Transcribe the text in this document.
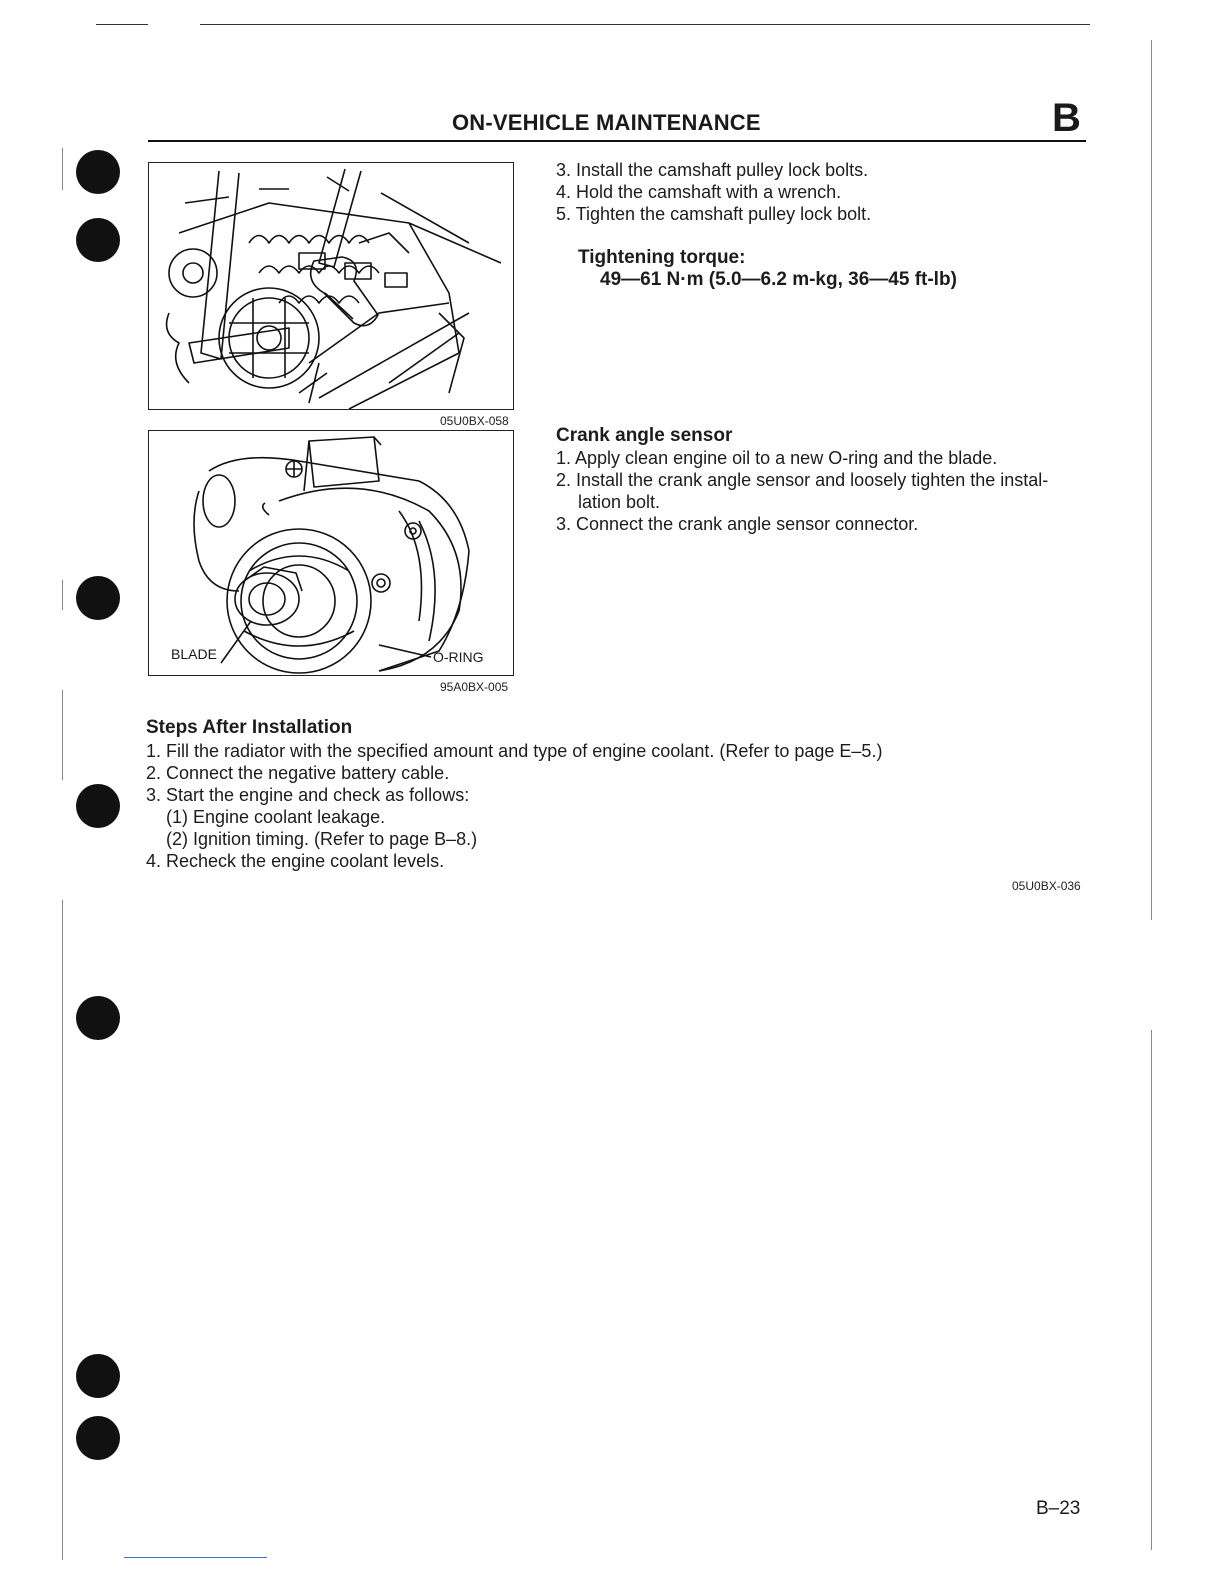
ON-VEHICLE MAINTENANCE	B
05U0BX-058
BLADE	O-RING
95A0BX-005
3. Install the camshaft pulley lock bolts.
4. Hold the camshaft with a wrench.
5. Tighten the camshaft pulley lock bolt.
Tightening torque:
49—61 N·m (5.0—6.2 m-kg, 36—45 ft-lb)
Crank angle sensor
1. Apply clean engine oil to a new O-ring and the blade.
2. Install the crank angle sensor and loosely tighten the instal-
lation bolt.
3. Connect the crank angle sensor connector.
Steps After Installation
1. Fill the radiator with the specified amount and type of engine coolant. (Refer to page E–5.)
2. Connect the negative battery cable.
3. Start the engine and check as follows:
(1) Engine coolant leakage.
(2) Ignition timing. (Refer to page B–8.)
4. Recheck the engine coolant levels.
05U0BX-036
B–23
